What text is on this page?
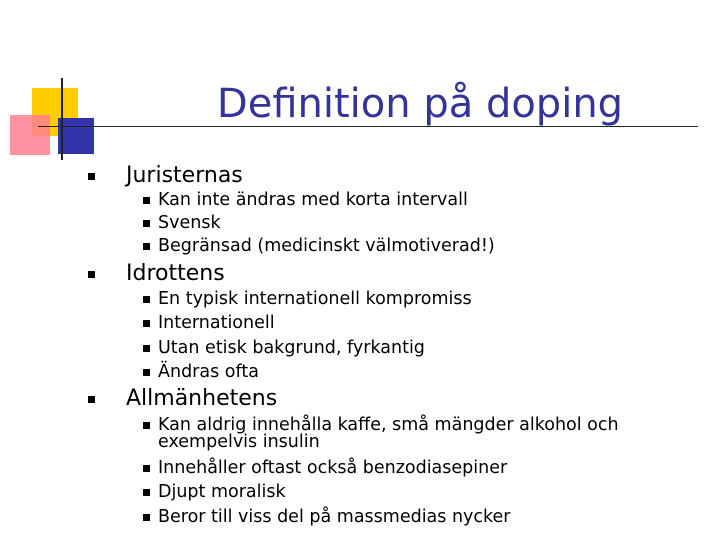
Definition på doping
Juristernas
Kan inte ändras med korta intervall
Svensk
Begränsad (medicinskt välmotiverad!)
Idrottens
En typisk internationell kompromiss
Internationell
Utan etisk bakgrund, fyrkantig
Ändras ofta
Allmänhetens
Kan aldrig innehålla kaffe, små mängder alkohol och
exempelvis insulin
Innehåller oftast också benzodiasepiner
Djupt moralisk
Beror till viss del på massmedias nycker
